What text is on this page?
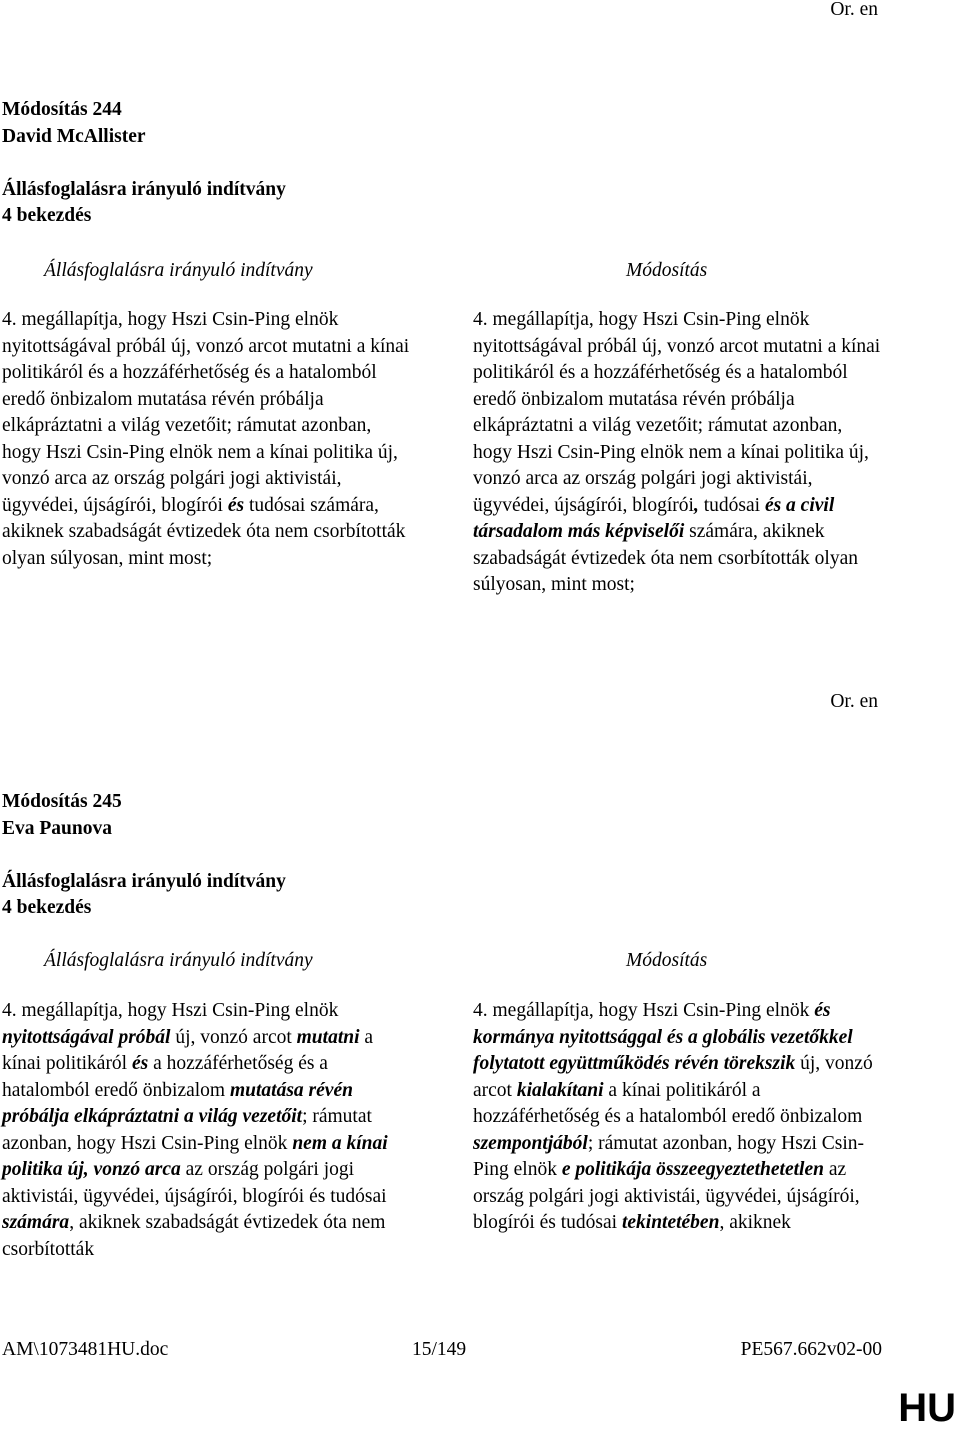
Or. en

Módosítás 244
David McAllister
Állásfoglalásra irányuló indítvány
4 bekezdés

Állásfoglalásra irányuló indítvány	Módosítás

4. megállapítja, hogy Hszi Csin-Ping elnök nyitottságával próbál új, vonzó arcot mutatni a kínai politikáról és a hozzáférhetőség és a hatalomból eredő önbizalom mutatása révén próbálja elkápráztatni a világ vezetőit; rámutat azonban, hogy Hszi Csin-Ping elnök nem a kínai politika új, vonzó arca az ország polgári jogi aktivistái, ügyvédei, újságírói, blogírói és tudósai számára, akiknek szabadságát évtizedek óta nem csorbították olyan súlyosan, mint most;
4. megállapítja, hogy Hszi Csin-Ping elnök nyitottságával próbál új, vonzó arcot mutatni a kínai politikáról és a hozzáférhetőség és a hatalomból eredő önbizalom mutatása révén próbálja elkápráztatni a világ vezetőit; rámutat azonban, hogy Hszi Csin-Ping elnök nem a kínai politika új, vonzó arca az ország polgári jogi aktivistái, ügyvédei, újságírói, blogírói, tudósai és a civil társadalom más képviselői számára, akiknek szabadságát évtizedek óta nem csorbították olyan súlyosan, mint most;

Or. en

Módosítás 245
Eva Paunova
Állásfoglalásra irányuló indítvány
4 bekezdés

Állásfoglalásra irányuló indítvány	Módosítás

4. megállapítja, hogy Hszi Csin-Ping elnök nyitottságával próbál új, vonzó arcot mutatni a kínai politikáról és a hozzáférhetőség és a hatalomból eredő önbizalom mutatása révén próbálja elkápráztatni a világ vezetőit; rámutat azonban, hogy Hszi Csin-Ping elnök nem a kínai politika új, vonzó arca az ország polgári jogi aktivistái, ügyvédei, újságírói, blogírói és tudósai számára, akiknek szabadságát évtizedek óta nem csorbították
4. megállapítja, hogy Hszi Csin-Ping elnök és kormánya nyitottsággal és a globális vezetőkkel folytatott együttműködés révén törekszik új, vonzó arcot kialakítani a kínai politikáról a hozzáférhetőség és a hatalomból eredő önbizalom szempontjából; rámutat azonban, hogy Hszi Csin-Ping elnök e politikája összeegyeztethetetlen az ország polgári jogi aktivistái, ügyvédei, újságírói, blogírói és tudósai tekintetében, akiknek
AM\1073481HU.doc	15/149	PE567.662v02-00

HU
